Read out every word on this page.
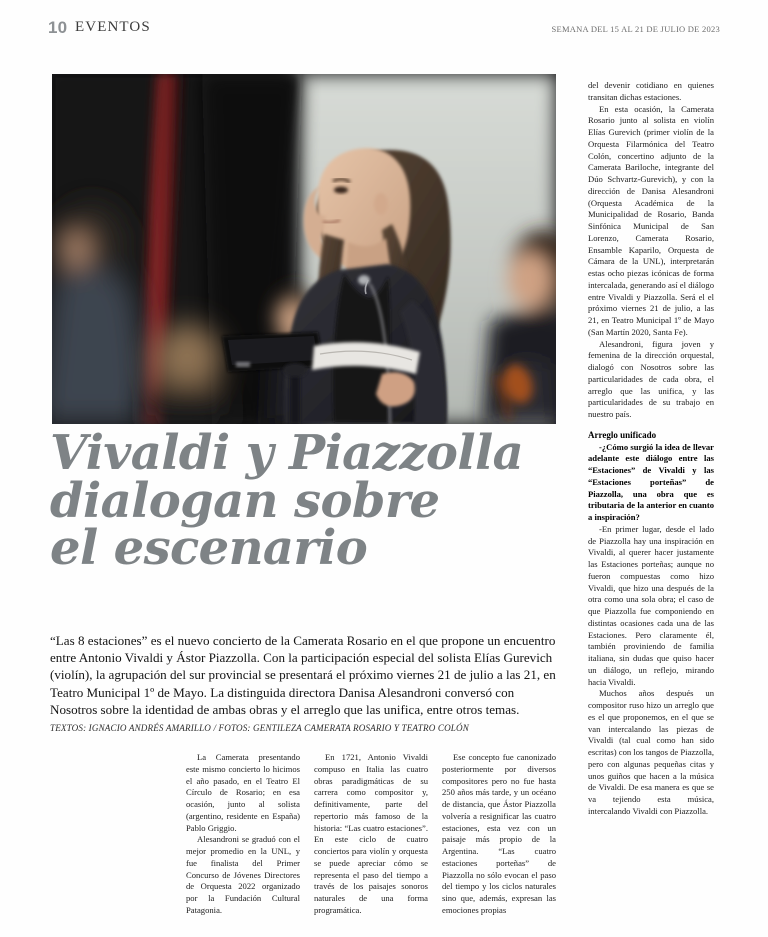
10 EVENTOS	SEMANA DEL 15 AL 21 DE JULIO DE 2023
Vivaldi y Piazzolla
dialogan sobre
el escenario
“Las 8 estaciones” es el nuevo concierto de la Camerata Rosario en el que propone un encuentro entre Antonio Vivaldi y Ástor Piazzolla. Con la participación especial del solista Elías Gurevich (violín), la agrupación del sur provincial se presentará el próximo viernes 21 de julio a las 21, en Teatro Municipal 1º de Mayo. La distinguida directora Danisa Alesandroni conversó con Nosotros sobre la identidad de ambas obras y el arreglo que las unifica, entre otros temas. TEXTOS: IGNACIO ANDRÉS AMARILLO / FOTOS: GENTILEZA CAMERATA ROSARIO Y TEATRO COLÓN

La Camerata presentando este mismo concierto lo hicimos el año pasado, en el Teatro El Círculo de Rosario; en esa ocasión, junto al solista (argentino, residente en España) Pablo Griggio.

Alesandroni se graduó con el mejor promedio en la UNL, y fue finalista del Primer Concurso de Jóvenes Directores de Orquesta 2022 organizado por la Fundación Cultural Patagonia.

En 1721, Antonio Vivaldi compuso en Italia las cuatro obras paradigmáticas de su carrera como compositor y, definitivamente, parte del repertorio más famoso de la historia: “Las cuatro estaciones”. En este ciclo de cuatro conciertos para violín y orquesta se puede apreciar cómo se representa el paso del tiempo a través de los paisajes sonoros naturales de una forma programática.

Ese concepto fue canonizado posteriormente por diversos compositores pero no fue hasta 250 años más tarde, y un océano de distancia, que Ástor Piazzolla volvería a resignificar las cuatro estaciones, esta vez con un paisaje más propio de la Argentina. “Las cuatro estaciones porteñas” de Piazzolla no sólo evocan el paso del tiempo y los ciclos naturales sino que, además, expresan las emociones propias

del devenir cotidiano en quienes transitan dichas estaciones.

En esta ocasión, la Camerata Rosario junto al solista en violín Elías Gurevich (primer violín de la Orquesta Filarmónica del Teatro Colón, concertino adjunto de la Camerata Bariloche, integrante del Dúo Schvartz-Gurevich), y con la dirección de Danisa Alesandroni (Orquesta Académica de la Municipalidad de Rosario, Banda Sinfónica Municipal de San Lorenzo, Camerata Rosario, Ensamble Kaparilo, Orquesta de Cámara de la UNL), interpretarán estas ocho piezas icónicas de forma intercalada, generando así el diálogo entre Vivaldi y Piazzolla. Será el el próximo viernes 21 de julio, a las 21, en Teatro Municipal 1º de Mayo (San Martín 2020, Santa Fe).

Alesandroni, figura joven y femenina de la dirección orquestal, dialogó con Nosotros sobre las particularidades de cada obra, el arreglo que las unifica, y las particularidades de su trabajo en nuestro país.

Arreglo unificado

-¿Cómo surgió la idea de llevar adelante este diálogo entre las “Estaciones” de Vivaldi y las “Estaciones porteñas” de Piazzolla, una obra que es tributaria de la anterior en cuanto a inspiración?

-En primer lugar, desde el lado de Piazzolla hay una inspiración en Vivaldi, al querer hacer justamente las Estaciones porteñas; aunque no fueron compuestas como hizo Vivaldi, que hizo una después de la otra como una sola obra; el caso de que Piazzolla fue componiendo en distintas ocasiones cada una de las Estaciones. Pero claramente él, también proviniendo de familia italiana, sin dudas que quiso hacer un diálogo, un reflejo, mirando hacia Vivaldi.

Muchos años después un compositor ruso hizo un arreglo que es el que proponemos, en el que se van intercalando las piezas de Vivaldi (tal cual como han sido escritas) con los tangos de Piazzolla, pero con algunas pequeñas citas y unos guiños que hacen a la música de Vivaldi. De esa manera es que se va tejiendo esta música, intercalando Vivaldi con Piazzolla.
